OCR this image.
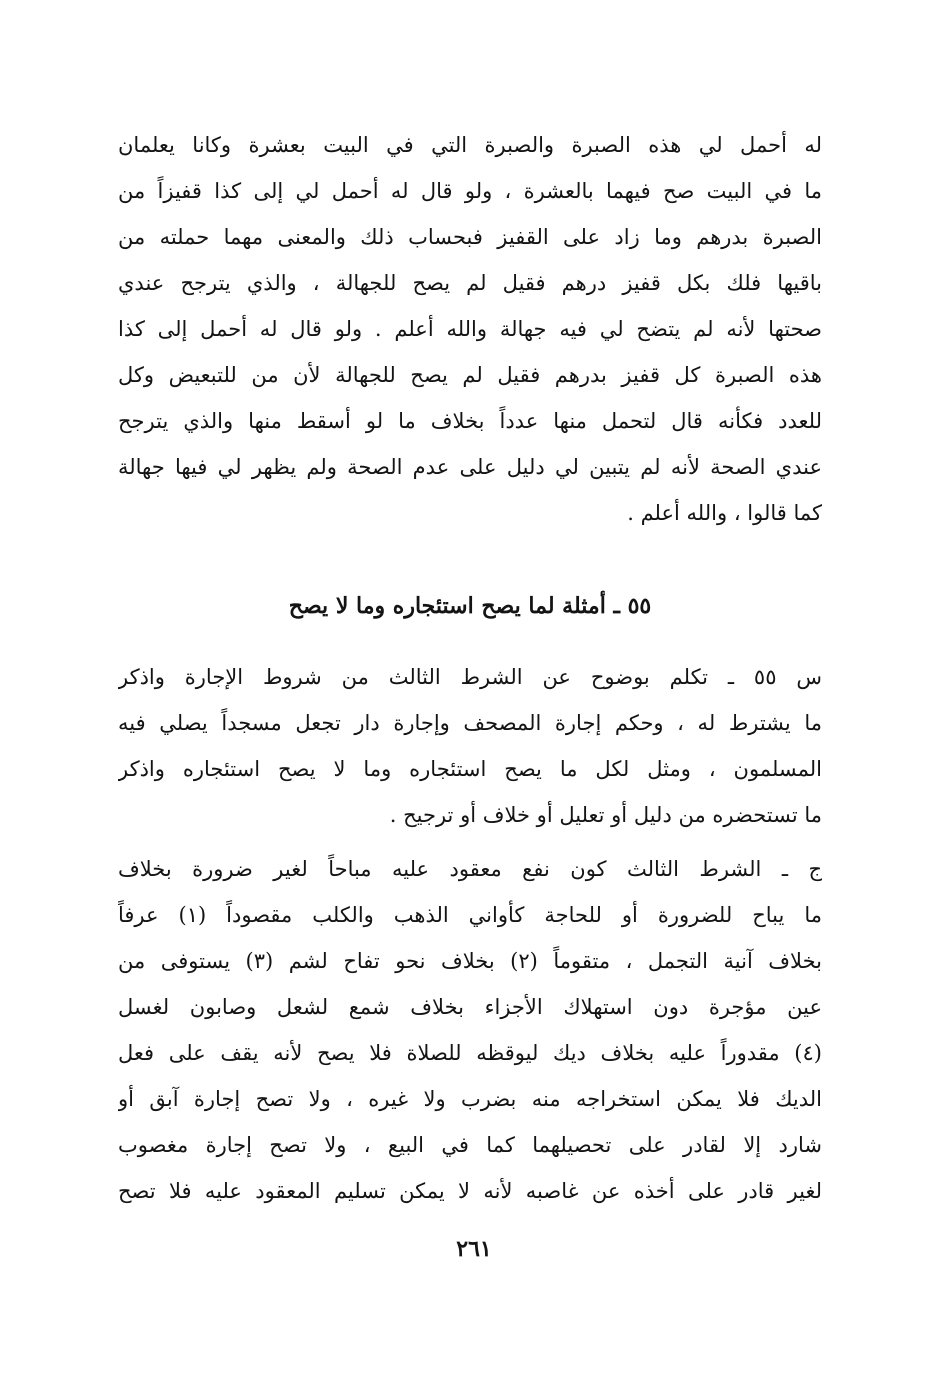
له أحمل لي هذه الصبرة والصبرة التي في البيت بعشرة وكانا يعلمان
ما في البيت صح فيهما بالعشرة ، ولو قال له أحمل لي إلى كذا قفيزاً من
الصبرة بدرهم وما زاد على القفيز فبحساب ذلك والمعنى مهما حملته من
باقيها فلك بكل قفيز درهم فقيل لم يصح للجهالة ، والذي يترجح عندي
صحتها لأنه لم يتضح لي فيه جهالة والله أعلم . ولو قال له أحمل إلى كذا
هذه الصبرة كل قفيز بدرهم فقيل لم يصح للجهالة لأن من للتبعيض وكل
للعدد فكأنه قال لتحمل منها عدداً بخلاف ما لو أسقط منها والذي يترجح
عندي الصحة لأنه لم يتبين لي دليل على عدم الصحة ولم يظهر لي فيها جهالة
كما قالوا ، والله أعلم .
٥٥ ـ أمثلة لما يصح استئجاره وما لا يصح
س ٥٥ ـ تكلم بوضوح عن الشرط الثالث من شروط الإجارة واذكر
ما يشترط له ، وحكم إجارة المصحف وإجارة دار تجعل مسجداً يصلي فيه
المسلمون ، ومثل لكل ما يصح استئجاره وما لا يصح استئجاره واذكر
ما تستحضره من دليل أو تعليل أو خلاف أو ترجيح .
ج ـ الشرط الثالث كون نفع معقود عليه مباحاً لغير ضرورة بخلاف
ما يباح للضرورة أو للحاجة كأواني الذهب والكلب مقصوداً (١) عرفاً
بخلاف آنية التجمل ، متقوماً (٢) بخلاف نحو تفاح لشم (٣) يستوفى من
عين مؤجرة دون استهلاك الأجزاء بخلاف شمع لشعل وصابون لغسل
(٤) مقدوراً عليه بخلاف ديك ليوقظه للصلاة فلا يصح لأنه يقف على فعل
الديك فلا يمكن استخراجه منه بضرب ولا غيره ، ولا تصح إجارة آبق أو
شارد إلا لقادر على تحصيلهما كما في البيع ، ولا تصح إجارة مغصوب
لغير قادر على أخذه عن غاصبه لأنه لا يمكن تسليم المعقود عليه فلا تصح
٢٦١
